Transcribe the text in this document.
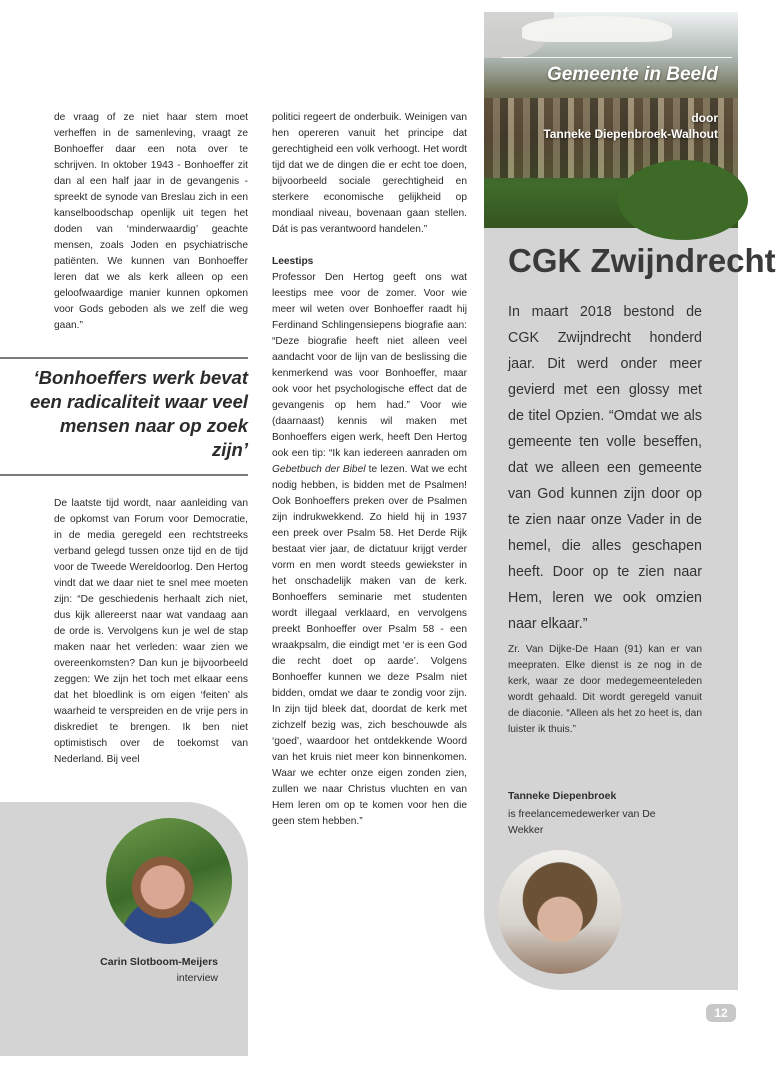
de vraag of ze niet haar stem moet verheffen in de samenleving, vraagt ze Bonhoeffer daar een nota over te schrijven. In oktober 1943 - Bonhoeffer zit dan al een half jaar in de gevangenis - spreekt de synode van Breslau zich in een kanselboodschap openlijk uit tegen het doden van ‘minderwaardig’ geachte mensen, zoals Joden en psychiatrische patiënten. We kunnen van Bonhoeffer leren dat we als kerk alleen op een geloofwaardige manier kunnen opkomen voor Gods geboden als we zelf die weg gaan.”

‘Bonhoeffers werk bevat een radicaliteit waar veel mensen naar op zoek zijn’

De laatste tijd wordt, naar aanleiding van de opkomst van Forum voor Democratie, in de media geregeld een rechtstreeks verband gelegd tussen onze tijd en de tijd voor de Tweede Wereldoorlog. Den Hertog vindt dat we daar niet te snel mee moeten zijn: “De geschiedenis herhaalt zich niet, dus kijk allereerst naar wat vandaag aan de orde is. Vervolgens kun je wel de stap maken naar het verleden: waar zien we overeenkomsten? Dan kun je bijvoorbeeld zeggen: We zijn het toch met elkaar eens dat het bloedlink is om eigen ‘feiten’ als waarheid te verspreiden en de vrije pers in diskrediet te brengen. Ik ben niet optimistisch over de toekomst van Nederland. Bij veel

politici regeert de onderbuik. Weinigen van hen opereren vanuit het principe dat gerechtigheid een volk verhoogt. Het wordt tijd dat we de dingen die er echt toe doen, bijvoorbeeld sociale gerechtigheid en sterkere economische gelijkheid op mondiaal niveau, bovenaan gaan stellen. Dát is pas verantwoord handelen.”

Leestips

Professor Den Hertog geeft ons wat leestips mee voor de zomer. Voor wie meer wil weten over Bonhoeffer raadt hij Ferdinand Schlingensiepens biografie aan: “Deze biografie heeft niet alleen veel aandacht voor de lijn van de beslissing die kenmerkend was voor Bonhoeffer, maar ook voor het psychologische effect dat de gevangenis op hem had.” Voor wie (daarnaast) kennis wil maken met Bonhoeffers eigen werk, heeft Den Hertog ook een tip: “Ik kan iedereen aanraden om Gebetbuch der Bibel te lezen. Wat we echt nodig hebben, is bidden met de Psalmen! Ook Bonhoeffers preken over de Psalmen zijn indrukwekkend. Zo hield hij in 1937 een preek over Psalm 58. Het Derde Rijk bestaat vier jaar, de dictatuur krijgt verder vorm en men wordt steeds gewiekster in het onschadelijk maken van de kerk. Bonhoeffers seminarie met studenten wordt illegaal verklaard, en vervolgens preekt Bonhoeffer over Psalm 58 - een wraakpsalm, die eindigt met ‘er is een God die recht doet op aarde’. Volgens Bonhoeffer kunnen we deze Psalm niet bidden, omdat we daar te zondig voor zijn. In zijn tijd bleek dat, doordat de kerk met zichzelf bezig was, zich beschouwde als ‘goed’, waardoor het ontdekkende Woord van het kruis niet meer kon binnenkomen. Waar we echter onze eigen zonden zien, zullen we naar Christus vluchten en van Hem leren om op te komen voor hen die geen stem hebben.”

Carin Slotboom-Meijers
interview
Gemeente in Beeld
door
Tanneke Diepenbroek-Walhout
CGK Zwijndrecht
In maart 2018 bestond de CGK Zwijndrecht honderd jaar. Dit werd onder meer gevierd met een glossy met de titel Opzien. “Omdat we als gemeente ten volle beseffen, dat we alleen een gemeente van God kunnen zijn door op te zien naar onze Vader in de hemel, die alles geschapen heeft. Door op te zien naar Hem, leren we ook omzien naar elkaar.”
Zr. Van Dijke-De Haan (91) kan er van meepraten. Elke dienst is ze nog in de kerk, waar ze door medegemeenteleden wordt gehaald. Dit wordt geregeld vanuit de diaconie. “Alleen als het zo heet is, dan luister ik thuis.”
Tanneke Diepenbroek
is freelancemedewerker van De Wekker
12
